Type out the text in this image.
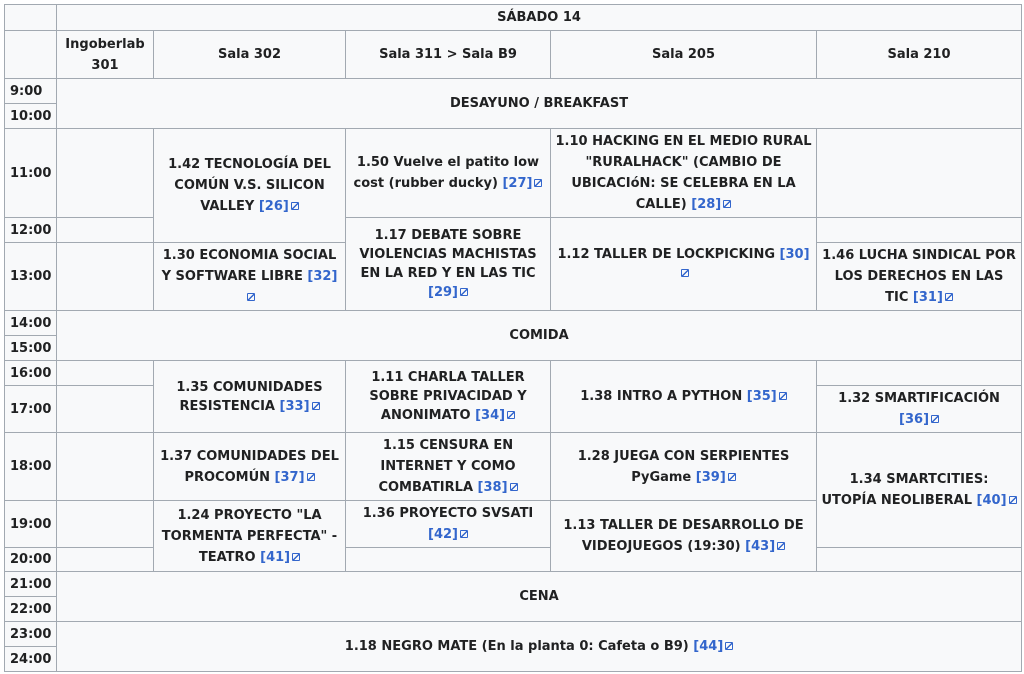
	SÁBADO 14				
	Ingoberlab 301	Sala 302	Sala 311 > Sala B9	Sala 205	Sala 210
9:00	DESAYUNO / BREAKFAST				
10:00					
11:00		1.42 TECNOLOGÍA DEL COMÚN V.S. SILICON VALLEY [26]	1.50 Vuelve el patito low cost (rubber ducky) [27]	1.10 HACKING EN EL MEDIO RURAL "RURALHACK" (CAMBIO DE UBICACIóN: SE CELEBRA EN LA CALLE) [28]	
12:00			1.17 DEBATE SOBRE VIOLENCIAS MACHISTAS EN LA RED Y EN LAS TIC [29]	1.12 TALLER DE LOCKPICKING [30]	
13:00		1.30 ECONOMIA SOCIAL Y SOFTWARE LIBRE [32]			1.46 LUCHA SINDICAL POR LOS DERECHOS EN LAS TIC [31]
14:00	COMIDA				
15:00					
16:00		1.35 COMUNIDADES RESISTENCIA [33]	1.11 CHARLA TALLER SOBRE PRIVACIDAD Y ANONIMATO [34]	1.38 INTRO A PYTHON [35]	
17:00					1.32 SMARTIFICACIÓN [36]
18:00		1.37 COMUNIDADES DEL PROCOMÚN [37]	1.15 CENSURA EN INTERNET Y COMO COMBATIRLA [38]	1.28 JUEGA CON SERPIENTES PyGame [39]	1.34 SMARTCITIES: UTOPÍA NEOLIBERAL [40]
19:00		1.24 PROYECTO "LA TORMENTA PERFECTA" - TEATRO [41]	1.36 PROYECTO SVSATI [42]	1.13 TALLER DE DESARROLLO DE VIDEOJUEGOS (19:30) [43]	
20:00					
21:00	CENA				
22:00					
23:00	1.18 NEGRO MATE (En la planta 0: Cafeta o B9) [44]				
24:00					
